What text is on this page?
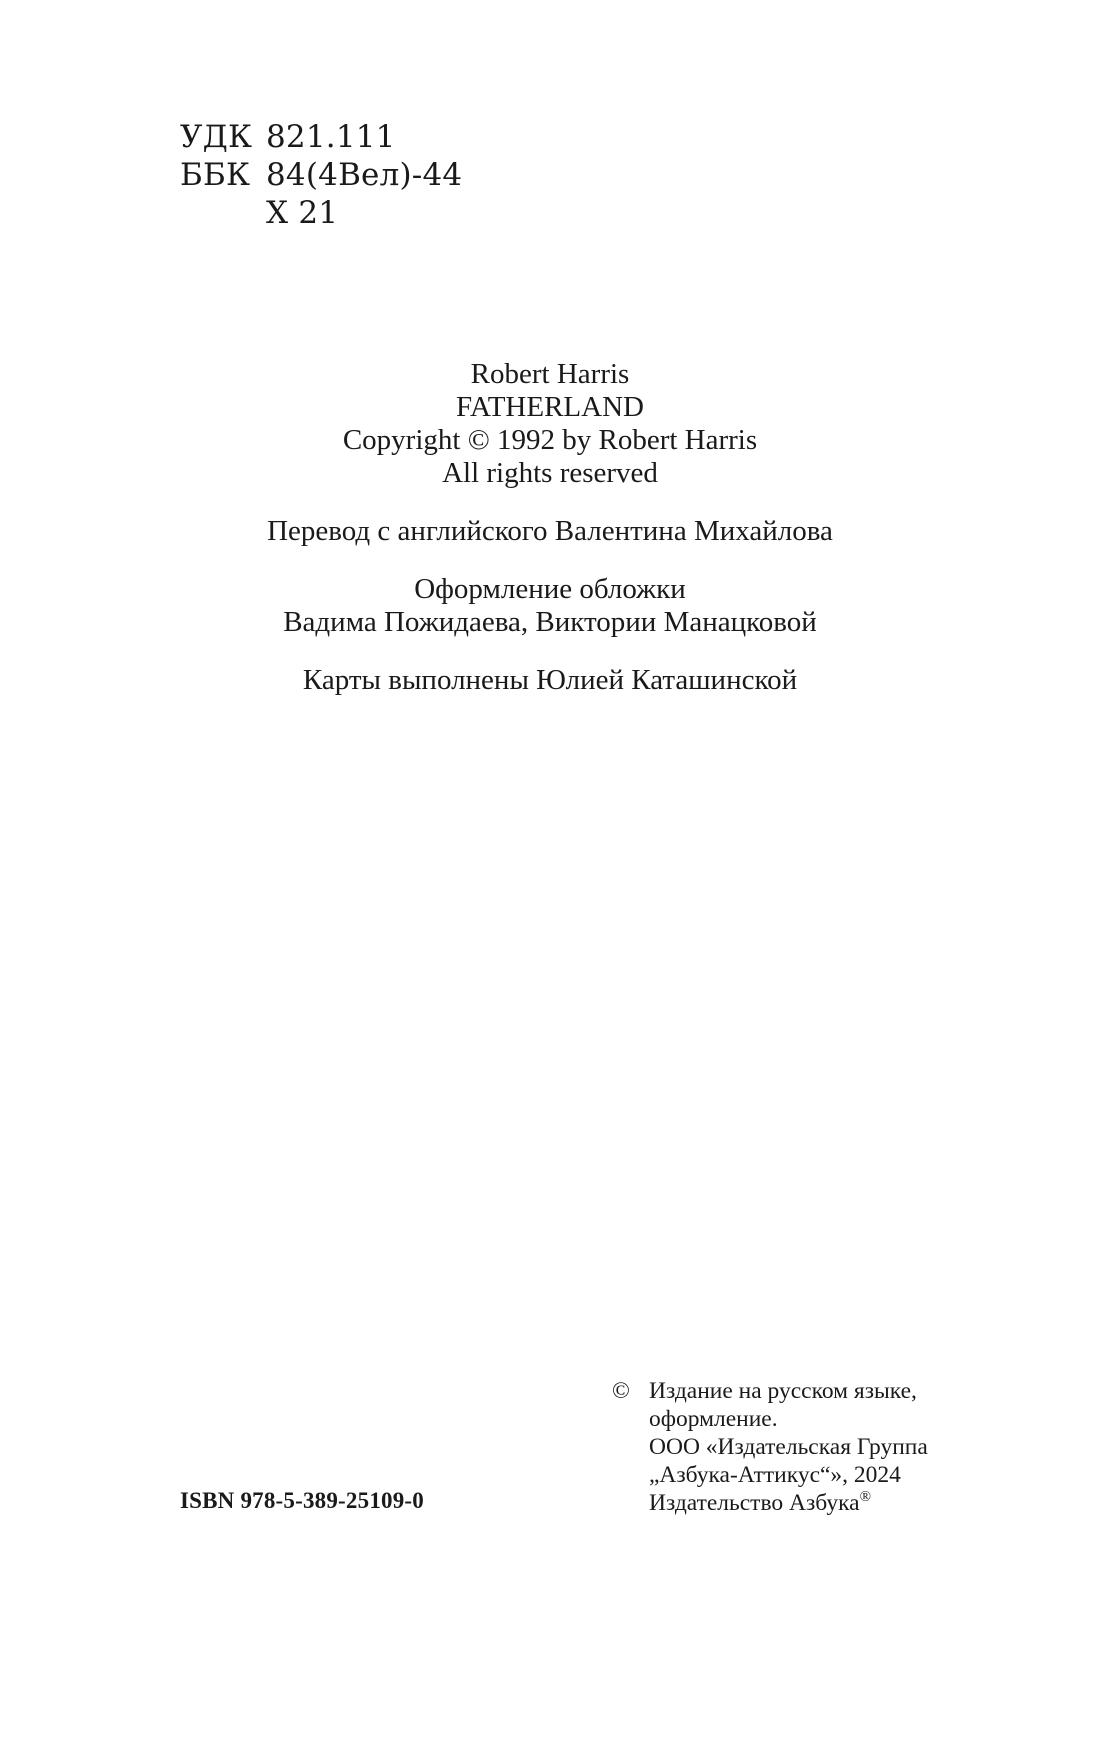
УДК 821.111
ББК 84(4Вел)-44
Х 21
Robert Harris
FATHERLAND
Copyright © 1992 by Robert Harris
All rights reserved
Перевод с английского Валентина Михайлова
Оформление обложки
Вадима Пожидаева, Виктории Манацковой
Карты выполнены Юлией Каташинской
ISBN 978-5-389-25109-0
© Издание на русском языке,
оформление.
ООО «Издательская Группа
„Азбука-Аттикус“», 2024
Издательство Азбука®
